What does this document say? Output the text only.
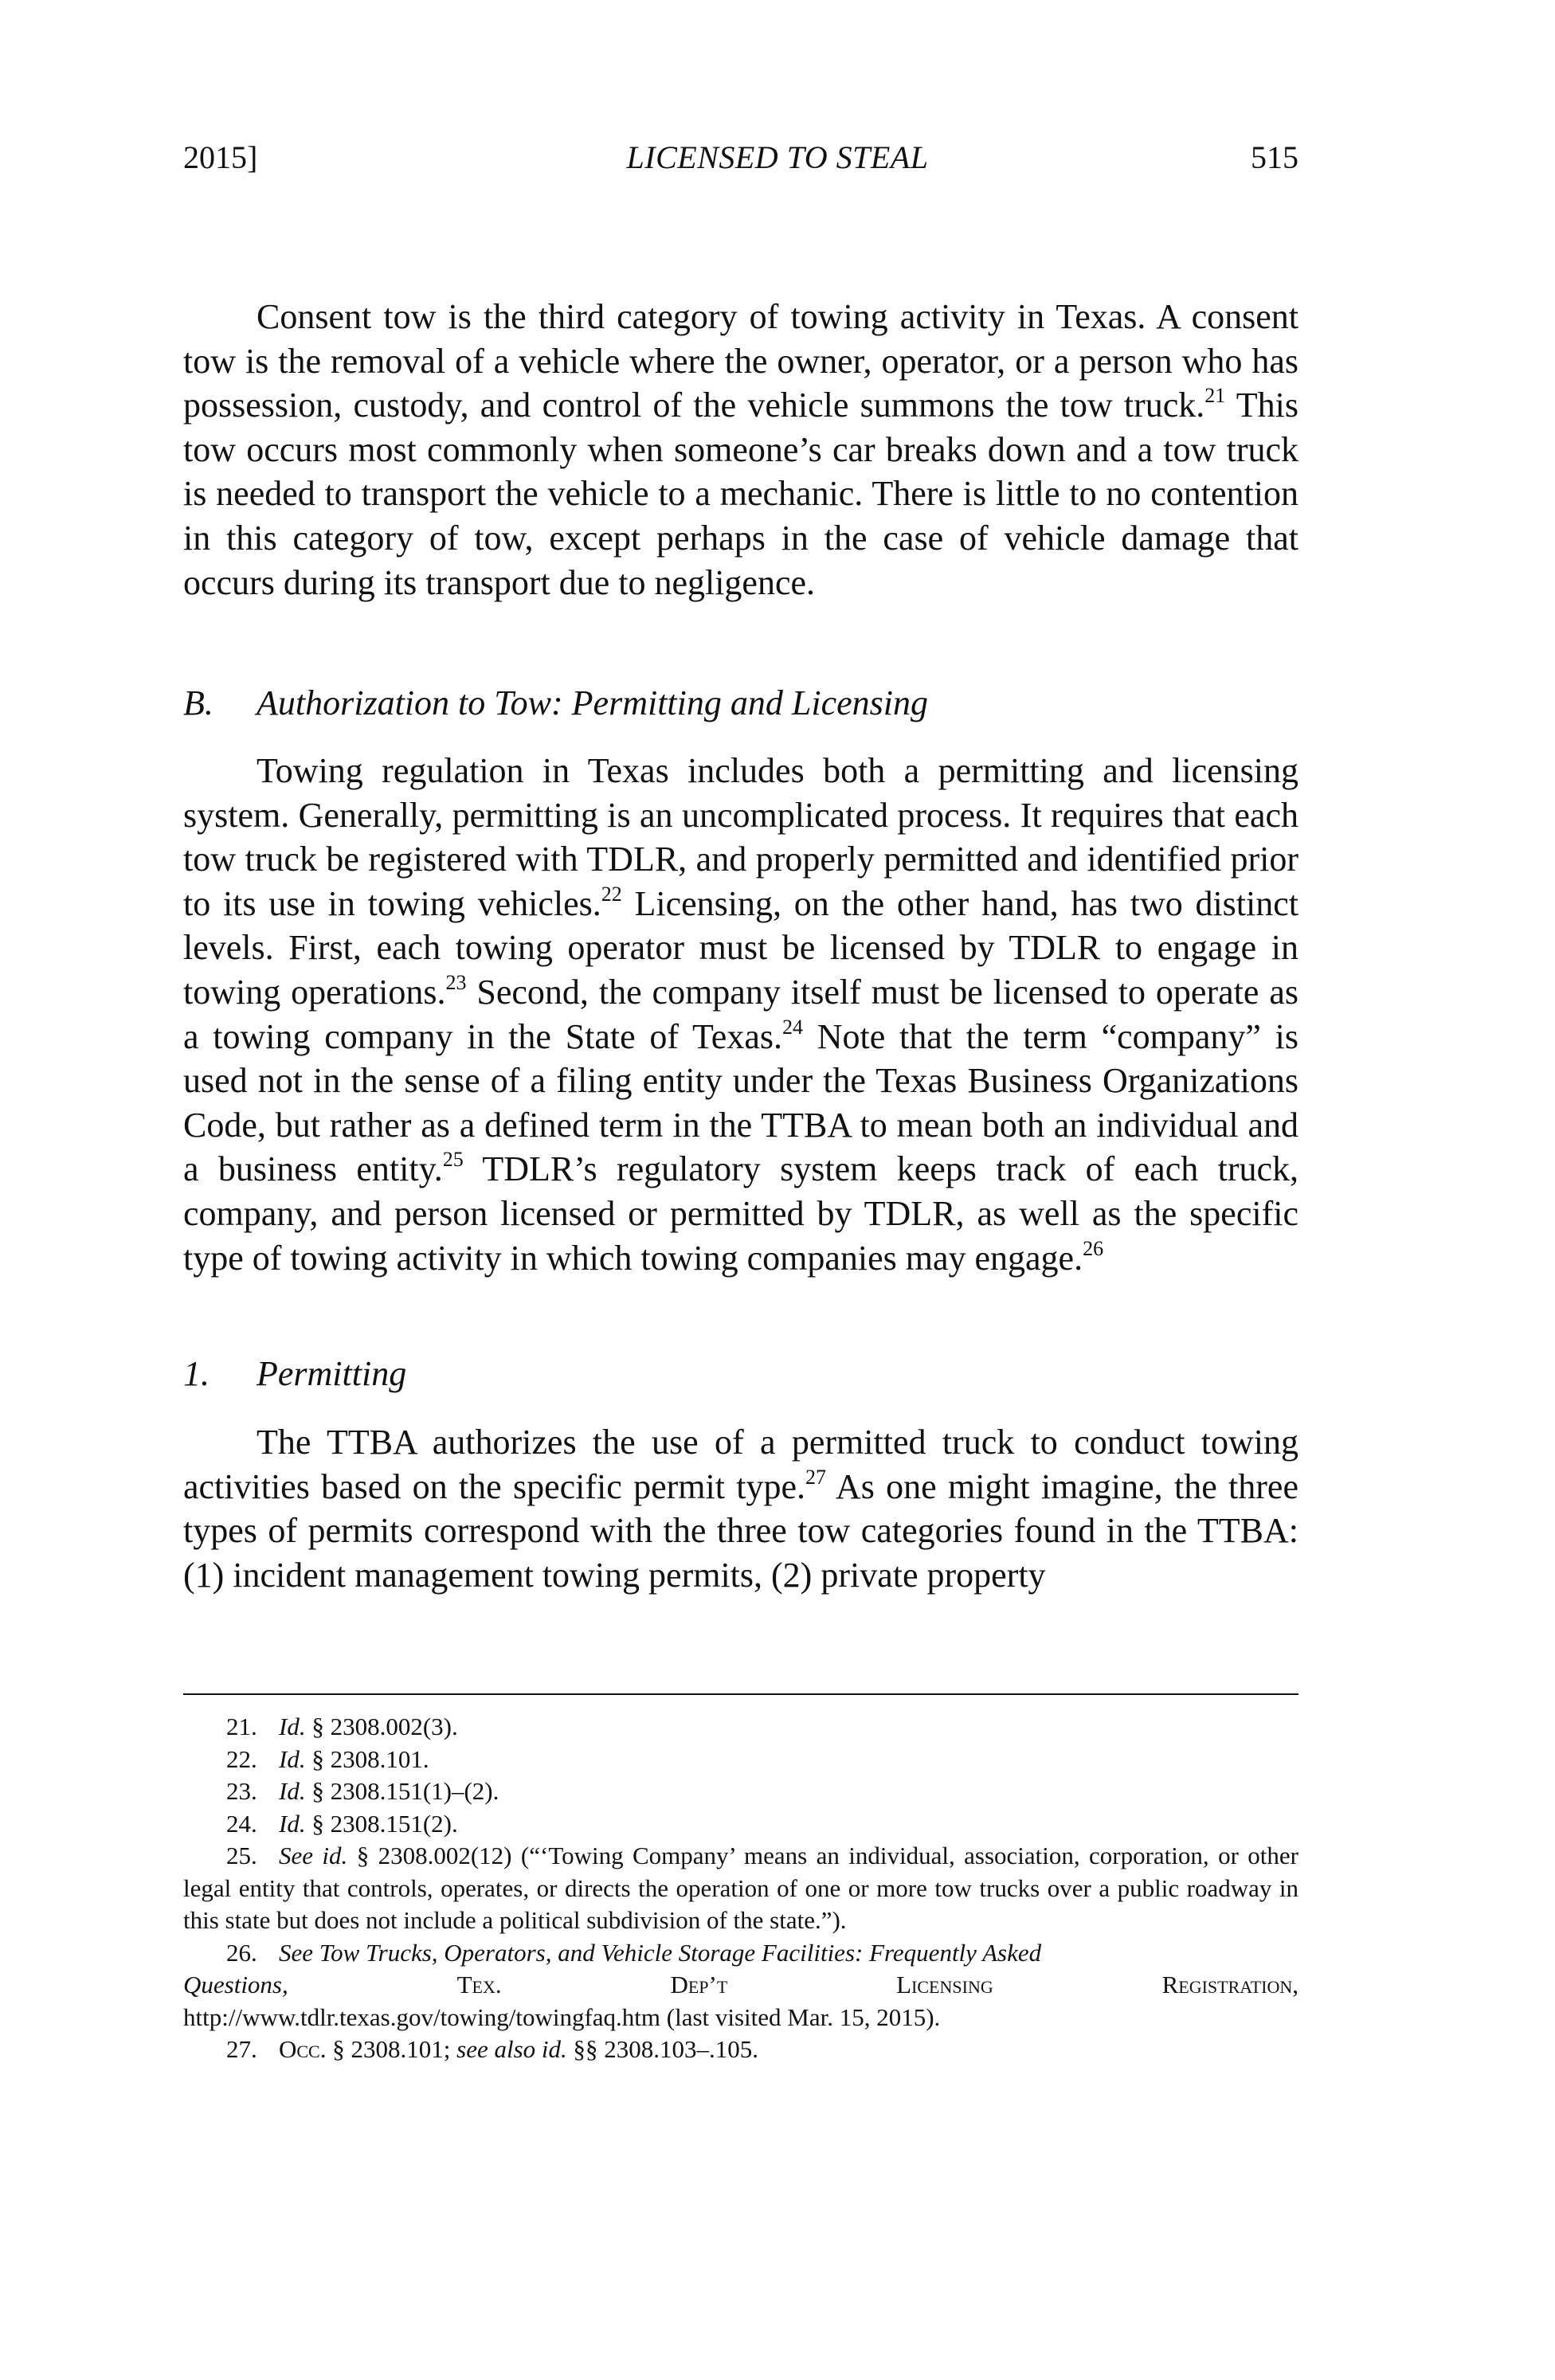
2015]	LICENSED TO STEAL	515

Consent tow is the third category of towing activity in Texas. A consent tow is the removal of a vehicle where the owner, operator, or a person who has possession, custody, and control of the vehicle summons the tow truck.$^{21}$ This tow occurs most commonly when someone’s car breaks down and a tow truck is needed to transport the vehicle to a mechanic. There is little to no contention in this category of tow, except perhaps in the case of vehicle damage that occurs during its transport due to negligence.

B. Authorization to Tow: Permitting and Licensing

Towing regulation in Texas includes both a permitting and licensing system. Generally, permitting is an uncomplicated process. It requires that each tow truck be registered with TDLR, and properly permitted and identified prior to its use in towing vehicles.$^{22}$ Licensing, on the other hand, has two distinct levels. First, each towing operator must be licensed by TDLR to engage in towing operations.$^{23}$ Second, the company itself must be licensed to operate as a towing company in the State of Texas.$^{24}$ Note that the term “company” is used not in the sense of a filing entity under the Texas Business Organizations Code, but rather as a defined term in the TTBA to mean both an individual and a business entity.$^{25}$ TDLR’s regulatory system keeps track of each truck, company, and person licensed or permitted by TDLR, as well as the specific type of towing activity in which towing companies may engage.$^{26}$

1. Permitting

The TTBA authorizes the use of a permitted truck to conduct towing activities based on the specific permit type.$^{27}$ As one might imagine, the three types of permits correspond with the three tow categories found in the TTBA: (1) incident management towing permits, (2) private property

21. Id. § 2308.002(3).

22. Id. § 2308.101.

23. Id. § 2308.151(1)–(2).

24. Id. § 2308.151(2).

25. See id. § 2308.002(12) (“‘Towing Company’ means an individual, association, corporation, or other legal entity that controls, operates, or directs the operation of one or more tow trucks over a public roadway in this state but does not include a political subdivision of the state.”).

26. See Tow Trucks, Operators, and Vehicle Storage Facilities: Frequently Asked

Questions,	Tex.	Dep’t	Licensing	Registration,

http://www.tdlr.texas.gov/towing/towingfaq.htm (last visited Mar. 15, 2015).

27. Occ. § 2308.101; see also id. §§ 2308.103–.105.
